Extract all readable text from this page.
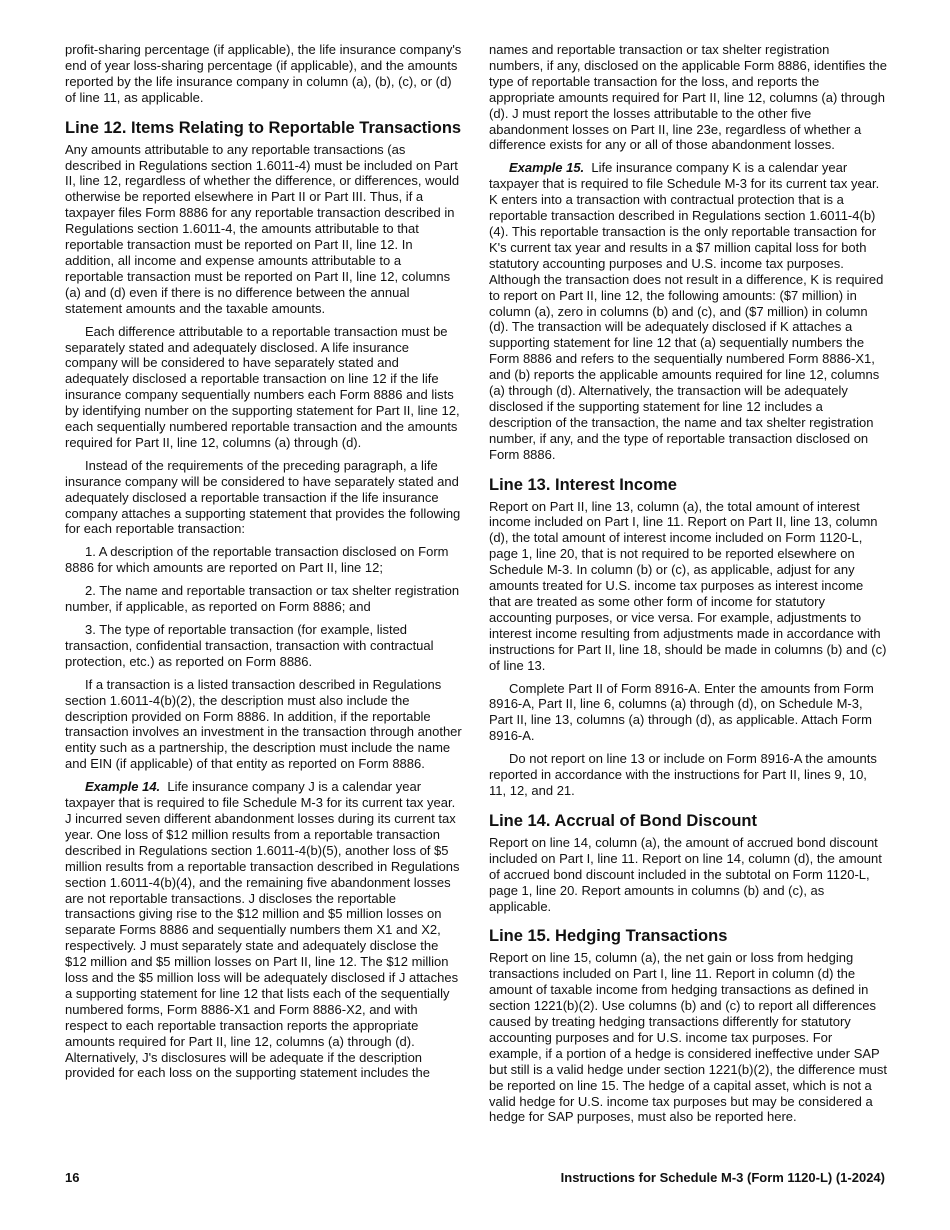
profit-sharing percentage (if applicable), the life insurance company's end of year loss-sharing percentage (if applicable), and the amounts reported by the life insurance company in column (a), (b), (c), or (d) of line 11, as applicable.

Line 12. Items Relating to Reportable Transactions

Any amounts attributable to any reportable transactions (as described in Regulations section 1.6011-4) must be included on Part II, line 12, regardless of whether the difference, or differences, would otherwise be reported elsewhere in Part II or Part III. Thus, if a taxpayer files Form 8886 for any reportable transaction described in Regulations section 1.6011-4, the amounts attributable to that reportable transaction must be reported on Part II, line 12. In addition, all income and expense amounts attributable to a reportable transaction must be reported on Part II, line 12, columns (a) and (d) even if there is no difference between the annual statement amounts and the taxable amounts.

Each difference attributable to a reportable transaction must be separately stated and adequately disclosed. A life insurance company will be considered to have separately stated and adequately disclosed a reportable transaction on line 12 if the life insurance company sequentially numbers each Form 8886 and lists by identifying number on the supporting statement for Part II, line 12, each sequentially numbered reportable transaction and the amounts required for Part II, line 12, columns (a) through (d).

Instead of the requirements of the preceding paragraph, a life insurance company will be considered to have separately stated and adequately disclosed a reportable transaction if the life insurance company attaches a supporting statement that provides the following for each reportable transaction:

1. A description of the reportable transaction disclosed on Form 8886 for which amounts are reported on Part II, line 12;

2. The name and reportable transaction or tax shelter registration number, if applicable, as reported on Form 8886; and

3. The type of reportable transaction (for example, listed transaction, confidential transaction, transaction with contractual protection, etc.) as reported on Form 8886.

If a transaction is a listed transaction described in Regulations section 1.6011-4(b)(2), the description must also include the description provided on Form 8886. In addition, if the reportable transaction involves an investment in the transaction through another entity such as a partnership, the description must include the name and EIN (if applicable) of that entity as reported on Form 8886.

Example 14. Life insurance company J is a calendar year taxpayer that is required to file Schedule M-3 for its current tax year. J incurred seven different abandonment losses during its current tax year. One loss of $12 million results from a reportable transaction described in Regulations section 1.6011-4(b)(5), another loss of $5 million results from a reportable transaction described in Regulations section 1.6011-4(b)(4), and the remaining five abandonment losses are not reportable transactions. J discloses the reportable transactions giving rise to the $12 million and $5 million losses on separate Forms 8886 and sequentially numbers them X1 and X2, respectively. J must separately state and adequately disclose the $12 million and $5 million losses on Part II, line 12. The $12 million loss and the $5 million loss will be adequately disclosed if J attaches a supporting statement for line 12 that lists each of the sequentially numbered forms, Form 8886-X1 and Form 8886-X2, and with respect to each reportable transaction reports the appropriate amounts required for Part II, line 12, columns (a) through (d). Alternatively, J's disclosures will be adequate if the description provided for each loss on the supporting statement includes the

names and reportable transaction or tax shelter registration numbers, if any, disclosed on the applicable Form 8886, identifies the type of reportable transaction for the loss, and reports the appropriate amounts required for Part II, line 12, columns (a) through (d). J must report the losses attributable to the other five abandonment losses on Part II, line 23e, regardless of whether a difference exists for any or all of those abandonment losses.

Example 15. Life insurance company K is a calendar year taxpayer that is required to file Schedule M-3 for its current tax year. K enters into a transaction with contractual protection that is a reportable transaction described in Regulations section 1.6011-4(b)(4). This reportable transaction is the only reportable transaction for K's current tax year and results in a $7 million capital loss for both statutory accounting purposes and U.S. income tax purposes. Although the transaction does not result in a difference, K is required to report on Part II, line 12, the following amounts: ($7 million) in column (a), zero in columns (b) and (c), and ($7 million) in column (d). The transaction will be adequately disclosed if K attaches a supporting statement for line 12 that (a) sequentially numbers the Form 8886 and refers to the sequentially numbered Form 8886-X1, and (b) reports the applicable amounts required for line 12, columns (a) through (d). Alternatively, the transaction will be adequately disclosed if the supporting statement for line 12 includes a description of the transaction, the name and tax shelter registration number, if any, and the type of reportable transaction disclosed on Form 8886.

Line 13. Interest Income

Report on Part II, line 13, column (a), the total amount of interest income included on Part I, line 11. Report on Part II, line 13, column (d), the total amount of interest income included on Form 1120-L, page 1, line 20, that is not required to be reported elsewhere on Schedule M-3. In column (b) or (c), as applicable, adjust for any amounts treated for U.S. income tax purposes as interest income that are treated as some other form of income for statutory accounting purposes, or vice versa. For example, adjustments to interest income resulting from adjustments made in accordance with instructions for Part II, line 18, should be made in columns (b) and (c) of line 13.

Complete Part II of Form 8916-A. Enter the amounts from Form 8916-A, Part II, line 6, columns (a) through (d), on Schedule M-3, Part II, line 13, columns (a) through (d), as applicable. Attach Form 8916-A.

Do not report on line 13 or include on Form 8916-A the amounts reported in accordance with the instructions for Part II, lines 9, 10, 11, 12, and 21.

Line 14. Accrual of Bond Discount

Report on line 14, column (a), the amount of accrued bond discount included on Part I, line 11. Report on line 14, column (d), the amount of accrued bond discount included in the subtotal on Form 1120-L, page 1, line 20. Report amounts in columns (b) and (c), as applicable.

Line 15. Hedging Transactions

Report on line 15, column (a), the net gain or loss from hedging transactions included on Part I, line 11. Report in column (d) the amount of taxable income from hedging transactions as defined in section 1221(b)(2). Use columns (b) and (c) to report all differences caused by treating hedging transactions differently for statutory accounting purposes and for U.S. income tax purposes. For example, if a portion of a hedge is considered ineffective under SAP but still is a valid hedge under section 1221(b)(2), the difference must be reported on line 15. The hedge of a capital asset, which is not a valid hedge for U.S. income tax purposes but may be considered a hedge for SAP purposes, must also be reported here.

16	Instructions for Schedule M-3 (Form 1120-L) (1-2024)
